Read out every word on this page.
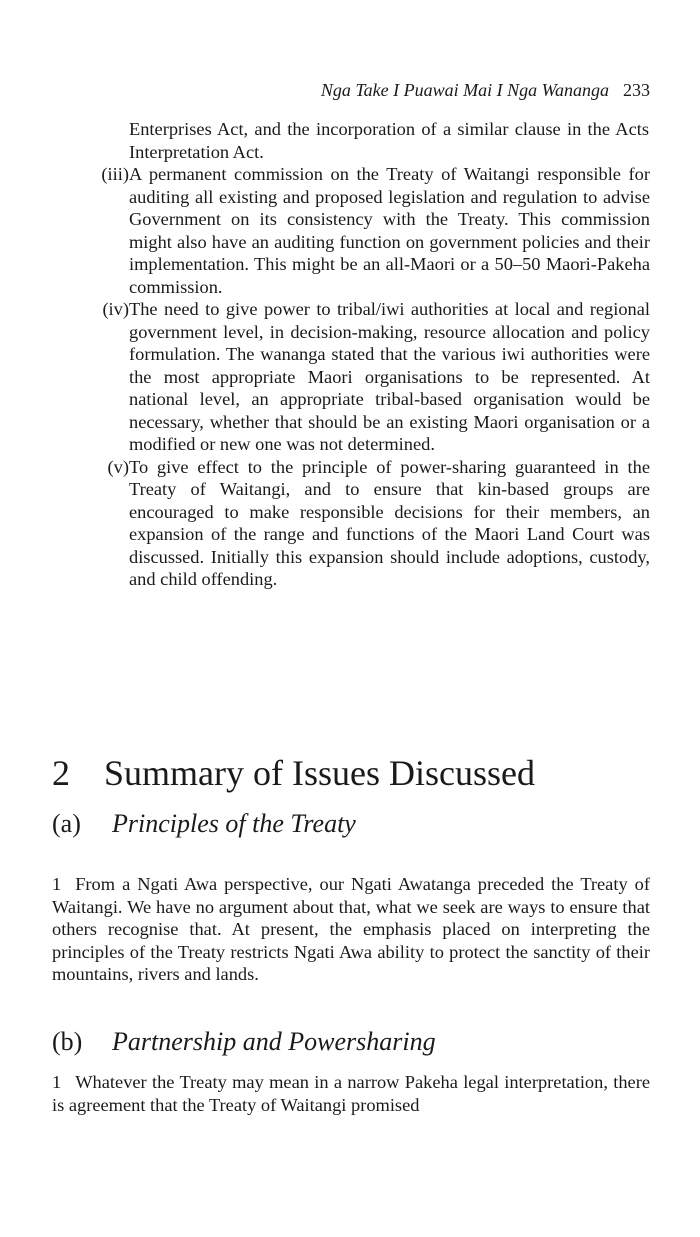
Nga Take I Puawai Mai I Nga Wananga 233

Enterprises Act, and the incorporation of a similar clause in the Acts Interpretation Act.

(iii) A permanent commission on the Treaty of Waitangi responsible for auditing all existing and proposed legislation and regulation to advise Government on its consistency with the Treaty. This commission might also have an auditing function on government policies and their implementation. This might be an all-Maori or a 50–50 Maori-Pakeha commission.

(iv) The need to give power to tribal/iwi authorities at local and regional government level, in decision-making, resource allocation and policy formulation. The wananga stated that the various iwi authorities were the most appropriate Maori organisations to be represented. At national level, an appropriate tribal-based organisation would be necessary, whether that should be an existing Maori organisation or a modified or new one was not determined.

(v) To give effect to the principle of power-sharing guaranteed in the Treaty of Waitangi, and to ensure that kin-based groups are encouraged to make responsible decisions for their members, an expansion of the range and functions of the Maori Land Court was discussed. Initially this expansion should include adoptions, custody, and child offending.

2 Summary of Issues Discussed
(a) Principles of the Treaty

1 From a Ngati Awa perspective, our Ngati Awatanga preceded the Treaty of Waitangi. We have no argument about that, what we seek are ways to ensure that others recognise that. At present, the emphasis placed on interpreting the principles of the Treaty restricts Ngati Awa ability to protect the sanctity of their mountains, rivers and lands.

(b) Partnership and Powersharing

1 Whatever the Treaty may mean in a narrow Pakeha legal interpretation, there is agreement that the Treaty of Waitangi promised
